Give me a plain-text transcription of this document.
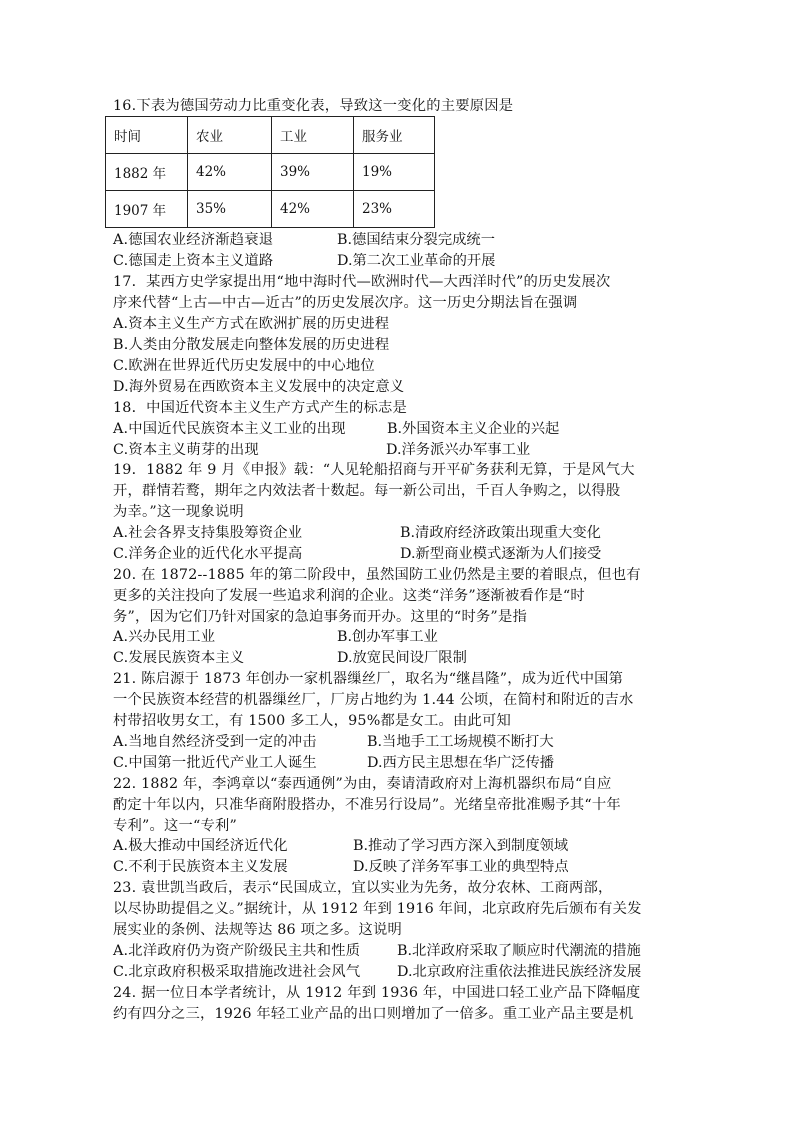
16.下表为德国劳动力比重变化表，导致这一变化的主要原因是
时间	农业	工业	服务业
1882 年	42%	39%	19%
1907 年	35%	42%	23%
A.德国农业经济渐趋衰退	B.德国结束分裂完成统一
C.德国走上资本主义道路	D.第二次工业革命的开展
17．某西方史学家提出用“地中海时代—欧洲时代—大西洋时代”的历史发展次
序来代替“上古—中古—近古”的历史发展次序。这一历史分期法旨在强调
A.资本主义生产方式在欧洲扩展的历史进程
B.人类由分散发展走向整体发展的历史进程
C.欧洲在世界近代历史发展中的中心地位
D.海外贸易在西欧资本主义发展中的决定意义
18．中国近代资本主义生产方式产生的标志是
A.中国近代民族资本主义工业的出现	B.外国资本主义企业的兴起
C.资本主义萌芽的出现	D.洋务派兴办军事工业
19．1882 年 9 月《申报》载：“人见轮船招商与开平矿务获利无算，于是风气大
开，群情若鹜，期年之内效法者十数起。每一新公司出，千百人争购之，以得股
为幸。”这一现象说明
A.社会各界支持集股筹资企业	B.清政府经济政策出现重大变化
C.洋务企业的近代化水平提高	D.新型商业模式逐渐为人们接受
20. 在 1872--1885 年的第二阶段中，虽然国防工业仍然是主要的着眼点，但也有
更多的关注投向了发展一些追求利润的企业。这类“洋务”逐渐被看作是“时
务”，因为它们乃针对国家的急迫事务而开办。这里的“时务”是指
A.兴办民用工业	B.创办军事工业
C.发展民族资本主义	D.放宽民间设厂限制
21. 陈启源于 1873 年创办一家机器缫丝厂，取名为“继昌隆”，成为近代中国第
一个民族资本经营的机器缫丝厂，厂房占地约为 1.44 公顷，在简村和附近的吉水
村带招收男女工，有 1500 多工人，95%都是女工。由此可知
A.当地自然经济受到一定的冲击	B.当地手工工场规模不断打大
C.中国第一批近代产业工人诞生	D.西方民主思想在华广泛传播
22. 1882 年，李鸿章以“泰西通例”为由，奏请清政府对上海机器织布局“自应
酌定十年以内，只准华商附股搭办，不准另行设局”。光绪皇帝批准赐予其“十年
专利”。这一“专利”
A.极大推动中国经济近代化	B.推动了学习西方深入到制度领域
C.不利于民族资本主义发展	D.反映了洋务军事工业的典型特点
23. 袁世凯当政后，表示“民国成立，宜以实业为先务，故分农林、工商两部，
以尽协助提倡之义。”据统计，从 1912 年到 1916 年间，北京政府先后颁布有关发
展实业的条例、法规等达 86 项之多。这说明
A.北洋政府仍为资产阶级民主共和性质	B.北洋政府采取了顺应时代潮流的措施
C.北京政府积极采取措施改进社会风气	D.北京政府注重依法推进民族经济发展
24. 据一位日本学者统计，从 1912 年到 1936 年，中国进口轻工业产品下降幅度
约有四分之三，1926 年轻工业产品的出口则增加了一倍多。重工业产品主要是机
